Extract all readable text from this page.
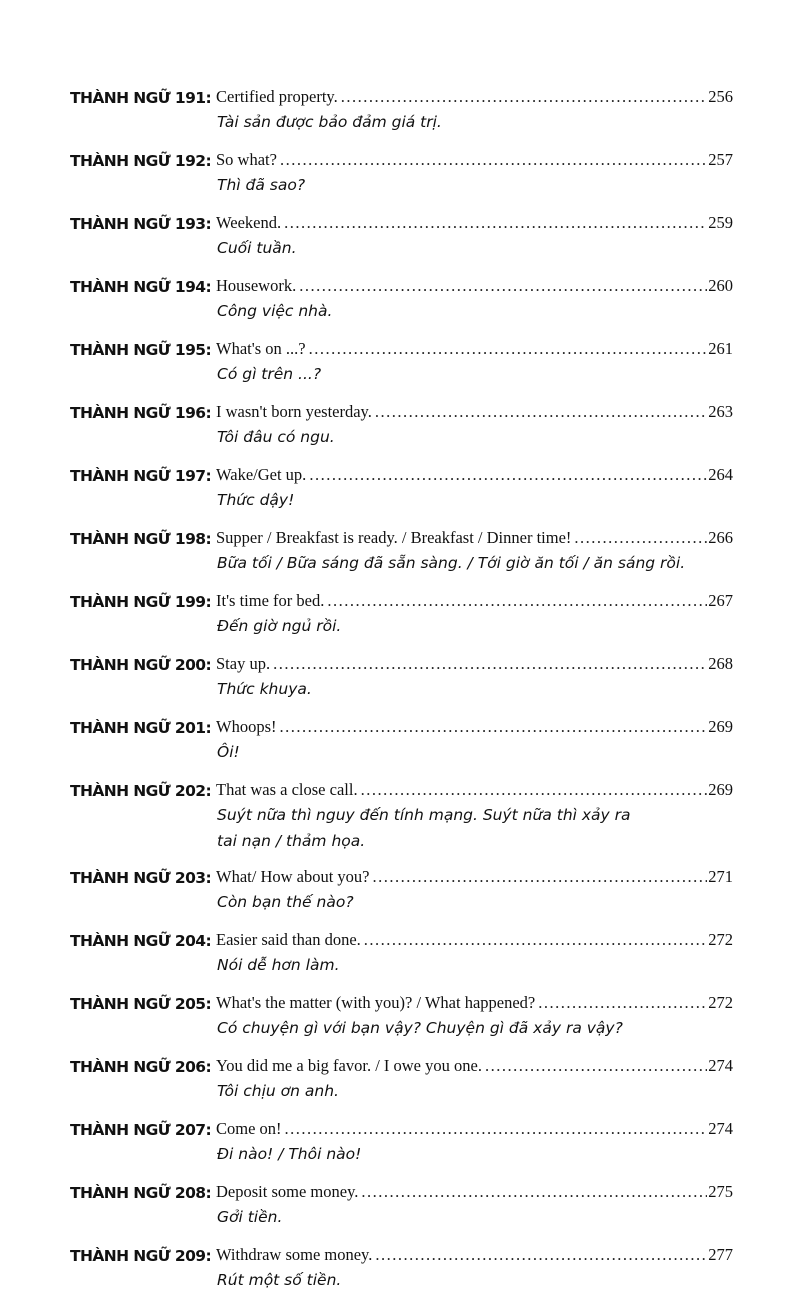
THÀNH NGỮ 191: Certified property. .....	256
Tài sản được bảo đảm giá trị.
THÀNH NGỮ 192: So what? .....	257
Thì đã sao?
THÀNH NGỮ 193: Weekend. .....	259
Cuối tuần.
THÀNH NGỮ 194: Housework. .....	260
Công việc nhà.
THÀNH NGỮ 195: What's on ...? .....	261
Có gì trên ...?
THÀNH NGỮ 196: I wasn't born yesterday. .....	263
Tôi đâu có ngu.
THÀNH NGỮ 197: Wake/Get up. .....	264
Thức dậy!
THÀNH NGỮ 198: Supper / Breakfast is ready. / Breakfast / Dinner time! .....	266
Bữa tối / Bữa sáng đã sẵn sàng. / Tới giờ ăn tối / ăn sáng rồi.
THÀNH NGỮ 199: It's time for bed. .....	267
Đến giờ ngủ rồi.
THÀNH NGỮ 200: Stay up. .....	268
Thức khuya.
THÀNH NGỮ 201: Whoops! .....	269
Ôi!
THÀNH NGỮ 202: That was a close call. .....	269
Suýt nữa thì nguy đến tính mạng. Suýt nữa thì xảy ra
tai nạn / thảm họa.
THÀNH NGỮ 203: What/ How about you? .....	271
Còn bạn thế nào?
THÀNH NGỮ 204: Easier said than done. .....	272
Nói dễ hơn làm.
THÀNH NGỮ 205: What's the matter (with you)? / What happened? .....	272
Có chuyện gì với bạn vậy? Chuyện gì đã xảy ra vậy?
THÀNH NGỮ 206: You did me a big favor. / I owe you one. .....	274
Tôi chịu ơn anh.
THÀNH NGỮ 207: Come on! .....	274
Đi nào! / Thôi nào!
THÀNH NGỮ 208: Deposit some money. .....	275
Gởi tiền.
THÀNH NGỮ 209: Withdraw some money. .....	277
Rút một số tiền.
